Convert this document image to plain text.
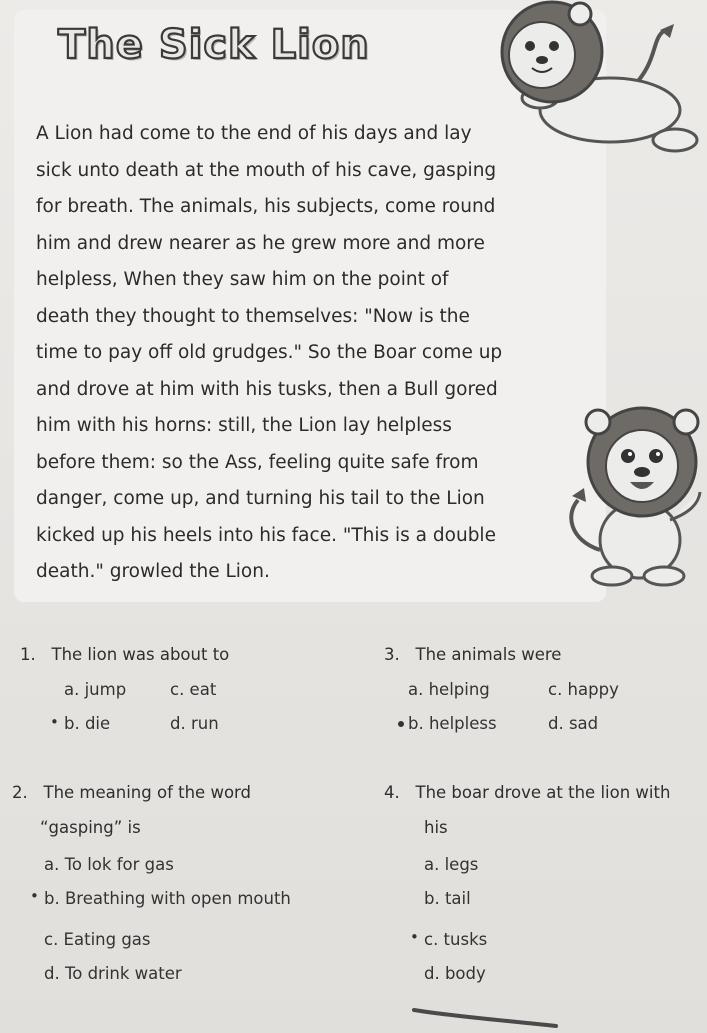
The Sick Lion

A Lion had come to the end of his days and lay
sick unto death at the mouth of his cave, gasping
for breath. The animals, his subjects, come round
him and drew nearer as he grew more and more
helpless, When they saw him on the point of
death they thought to themselves: "Now is the
time to pay off old grudges." So the Boar come up
and drove at him with his tusks, then a Bull gored
him with his horns: still, the Lion lay helpless
before them: so the Ass, feeling quite safe from
danger, come up, and turning his tail to the Lion
kicked up his heels into his face. "This is a double
death." growled the Lion.

1. The lion was about to
a. jump	c. eat
• b. die	d. run
3. The animals were
a. helping	c. happy
b. helpless	d. sad
2. The meaning of the word
“gasping” is
a. To lok for gas
• b. Breathing with open mouth
c. Eating gas
d. To drink water
4. The boar drove at the lion with
his
a. legs
b. tail
• c. tusks
d. body
